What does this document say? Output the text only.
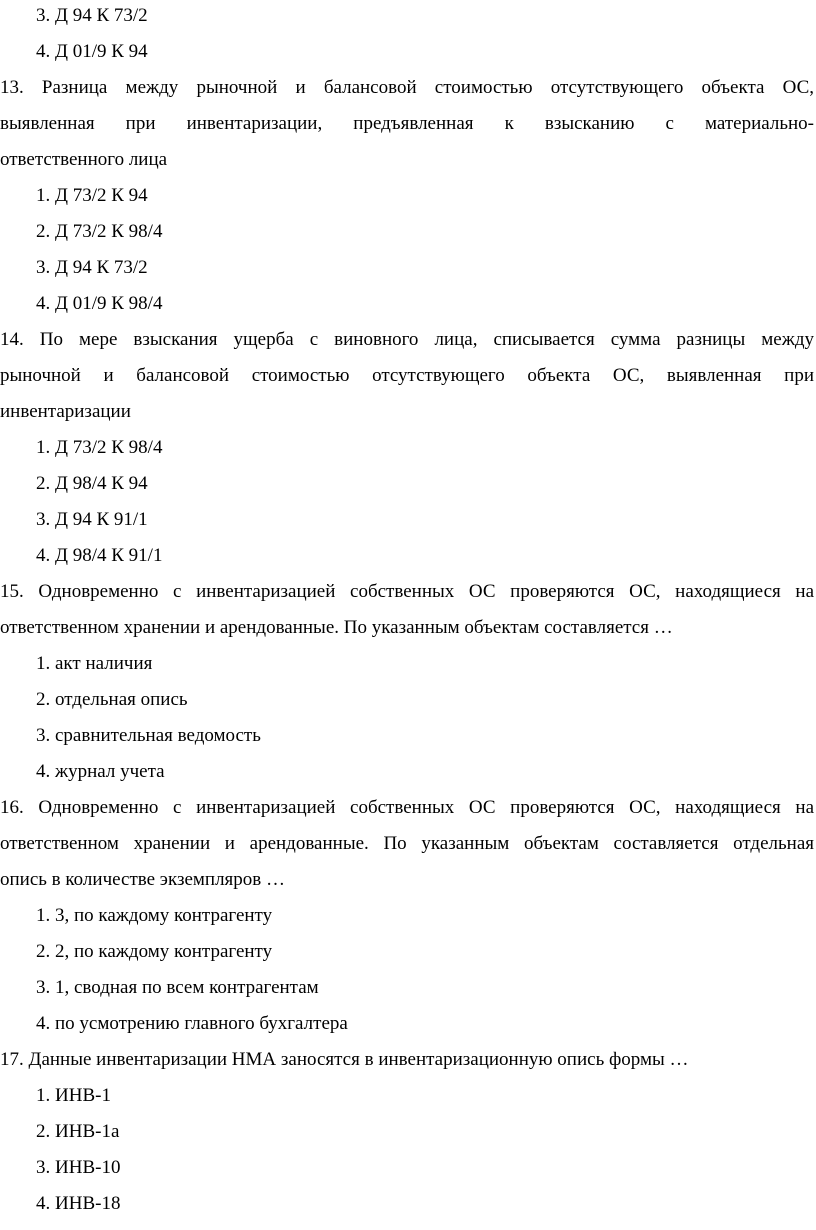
3. Д 94 К 73/2
4. Д 01/9 К 94
13. Разница между рыночной и балансовой стоимостью отсутствующего объекта ОС,
выявленная при инвентаризации, предъявленная к взысканию с материально-
ответственного лица
1. Д 73/2 К 94
2. Д 73/2 К 98/4
3. Д 94 К 73/2
4. Д 01/9 К 98/4
14. По мере взыскания ущерба с виновного лица, списывается сумма разницы между
рыночной и балансовой стоимостью отсутствующего объекта ОС, выявленная при
инвентаризации
1. Д 73/2 К 98/4
2. Д 98/4 К 94
3. Д 94 К 91/1
4. Д 98/4 К 91/1
15. Одновременно с инвентаризацией собственных ОС проверяются ОС, находящиеся на
ответственном хранении и арендованные. По указанным объектам составляется …
1. акт наличия
2. отдельная опись
3. сравнительная ведомость
4. журнал учета
16. Одновременно с инвентаризацией собственных ОС проверяются ОС, находящиеся на
ответственном хранении и арендованные. По указанным объектам составляется отдельная
опись в количестве экземпляров …
1. 3, по каждому контрагенту
2. 2, по каждому контрагенту
3. 1, сводная по всем контрагентам
4. по усмотрению главного бухгалтера
17. Данные инвентаризации НМА заносятся в инвентаризационную опись формы …
1. ИНВ-1
2. ИНВ-1а
3. ИНВ-10
4. ИНВ-18
